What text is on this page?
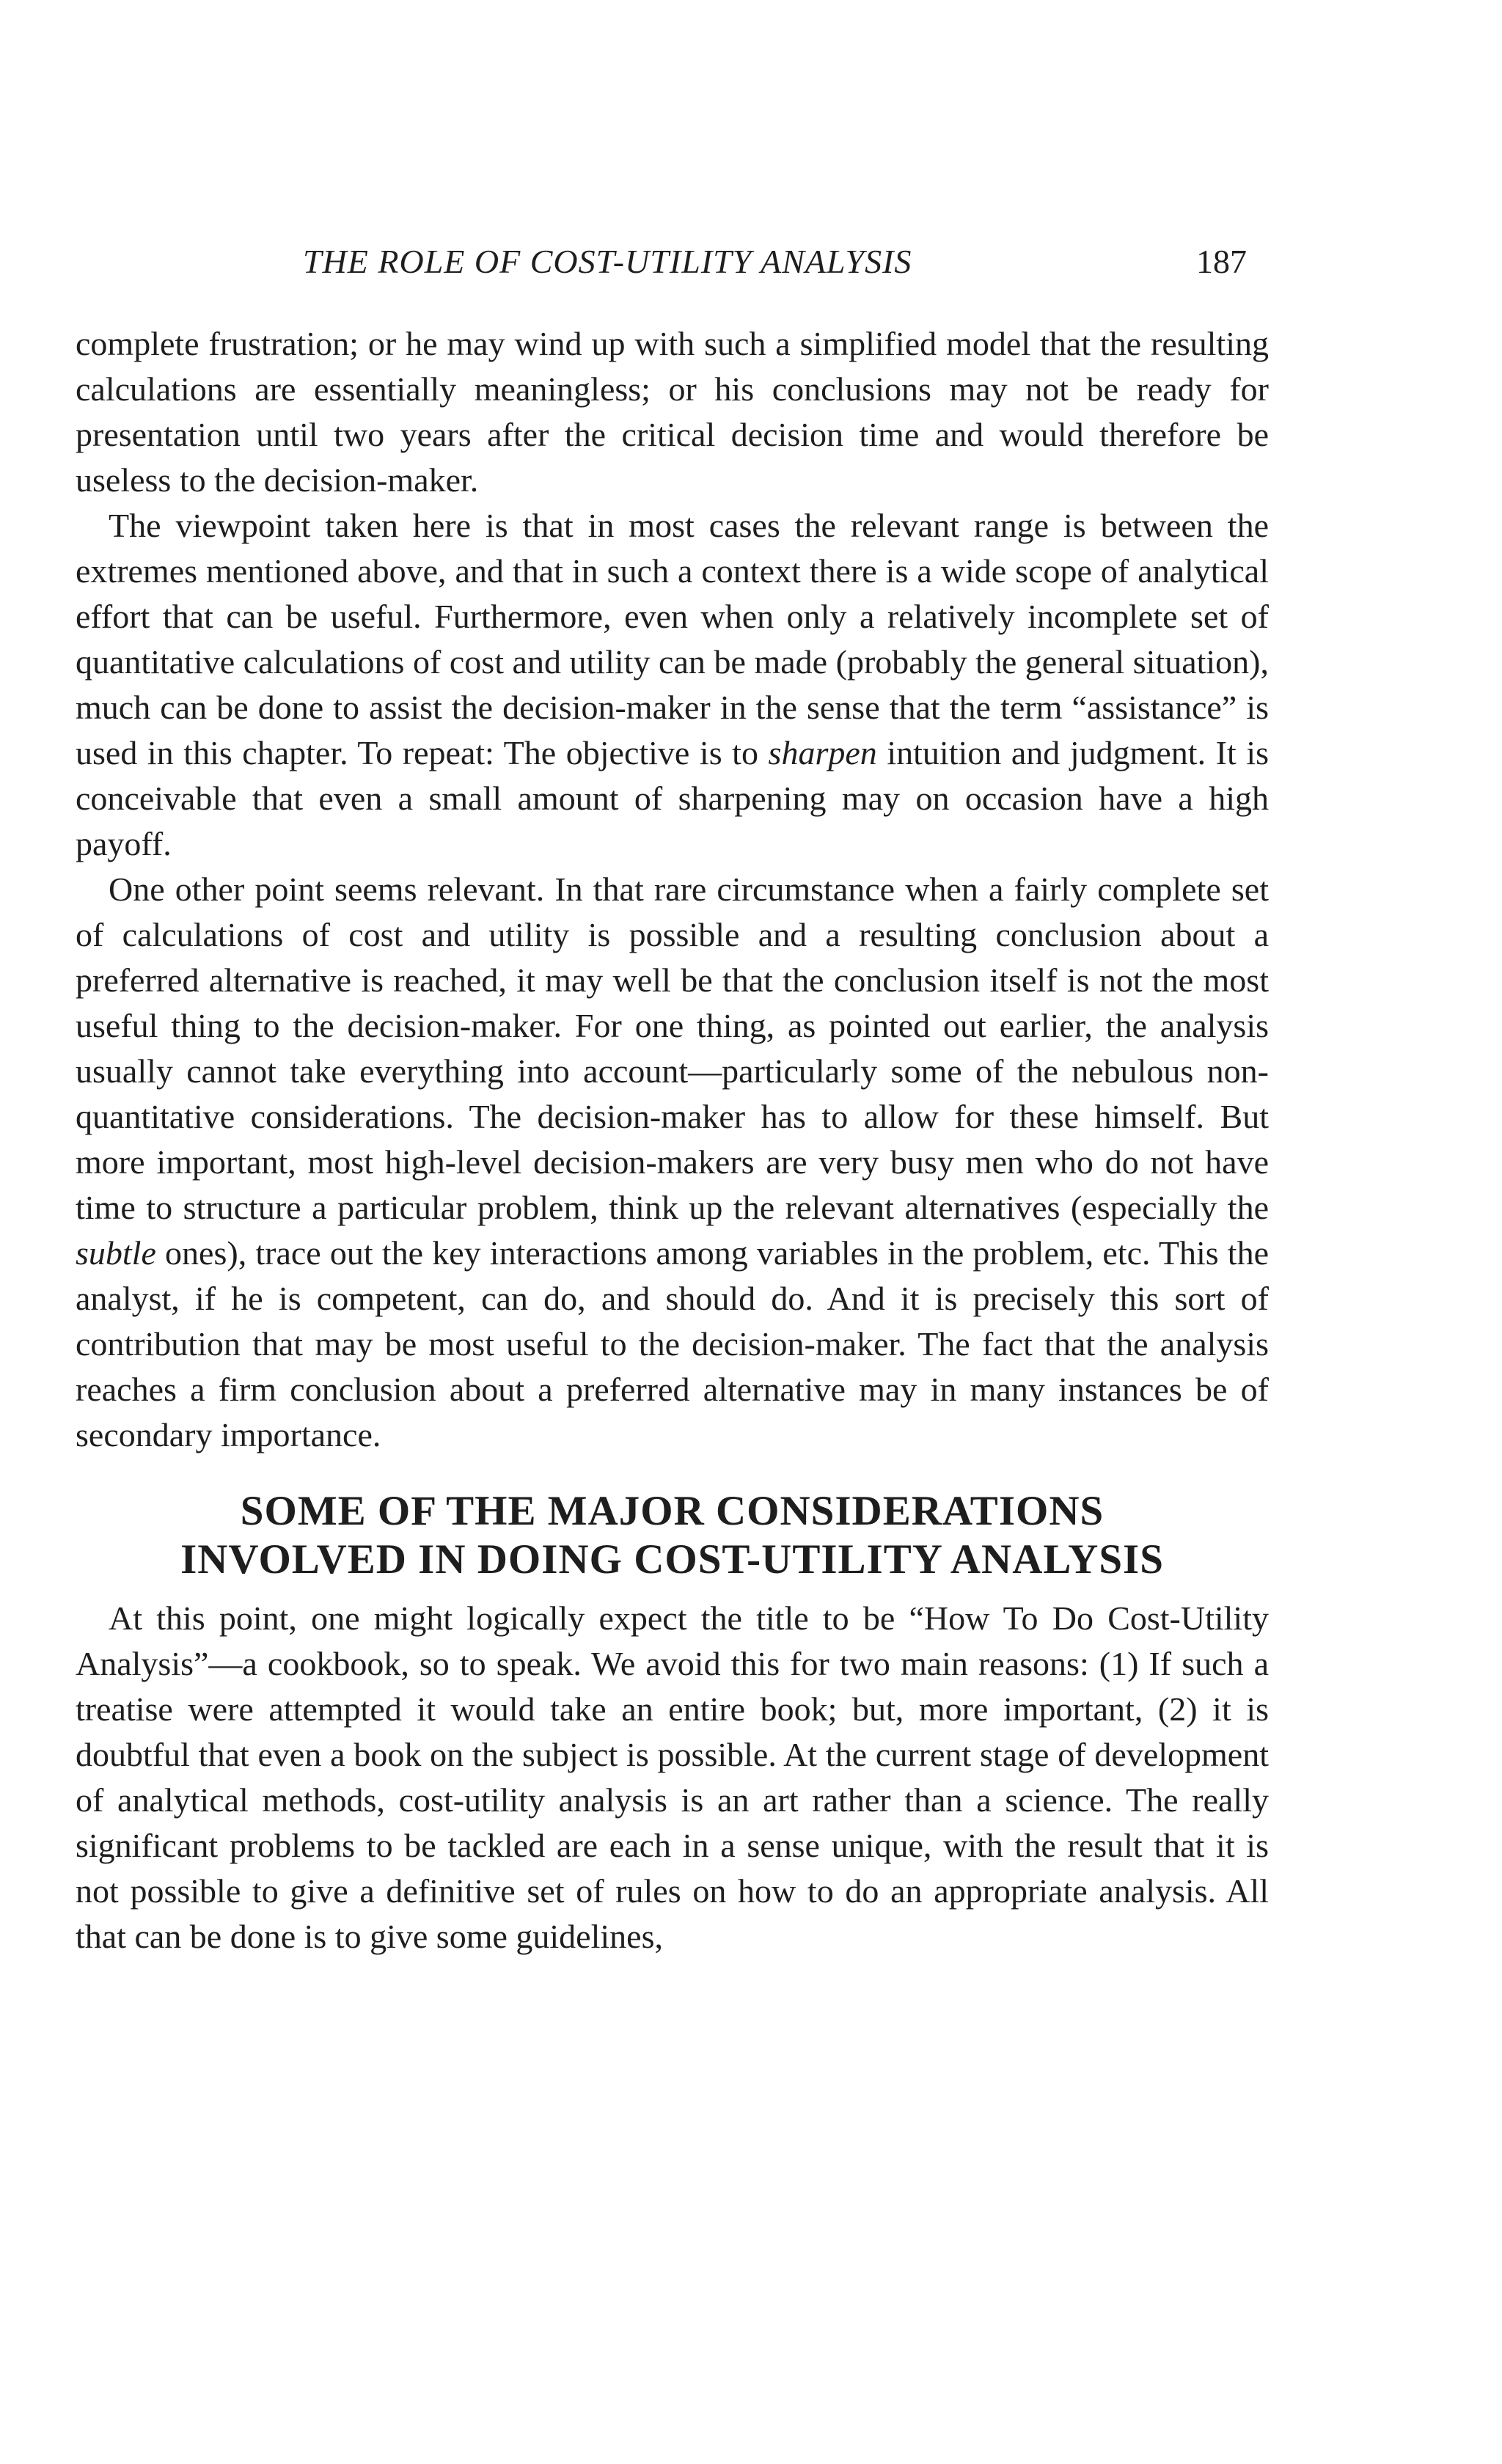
THE ROLE OF COST-UTILITY ANALYSIS	187

complete frustration; or he may wind up with such a simplified model that the resulting calculations are essentially meaningless; or his conclusions may not be ready for presentation until two years after the critical decision time and would therefore be useless to the decision-maker.

The viewpoint taken here is that in most cases the relevant range is between the extremes mentioned above, and that in such a context there is a wide scope of analytical effort that can be useful. Furthermore, even when only a relatively incomplete set of quantitative calculations of cost and utility can be made (probably the general situation), much can be done to assist the decision-maker in the sense that the term “assistance” is used in this chapter. To repeat: The objective is to sharpen intuition and judgment. It is conceivable that even a small amount of sharpening may on occasion have a high payoff.

One other point seems relevant. In that rare circumstance when a fairly complete set of calculations of cost and utility is possible and a resulting conclusion about a preferred alternative is reached, it may well be that the conclusion itself is not the most useful thing to the decision-maker. For one thing, as pointed out earlier, the analysis usually cannot take everything into account—particularly some of the nebulous non-quantitative considerations. The decision-maker has to allow for these himself. But more important, most high-level decision-makers are very busy men who do not have time to structure a particular problem, think up the relevant alternatives (especially the subtle ones), trace out the key interactions among variables in the problem, etc. This the analyst, if he is competent, can do, and should do. And it is precisely this sort of contribution that may be most useful to the decision-maker. The fact that the analysis reaches a firm conclusion about a preferred alternative may in many instances be of secondary importance.

SOME OF THE MAJOR CONSIDERATIONS
INVOLVED IN DOING COST-UTILITY ANALYSIS

At this point, one might logically expect the title to be “How To Do Cost-Utility Analysis”—a cookbook, so to speak. We avoid this for two main reasons: (1) If such a treatise were attempted it would take an entire book; but, more important, (2) it is doubtful that even a book on the subject is possible. At the current stage of development of analytical methods, cost-utility analysis is an art rather than a science. The really significant problems to be tackled are each in a sense unique, with the result that it is not possible to give a definitive set of rules on how to do an appropriate analysis. All that can be done is to give some guidelines,
